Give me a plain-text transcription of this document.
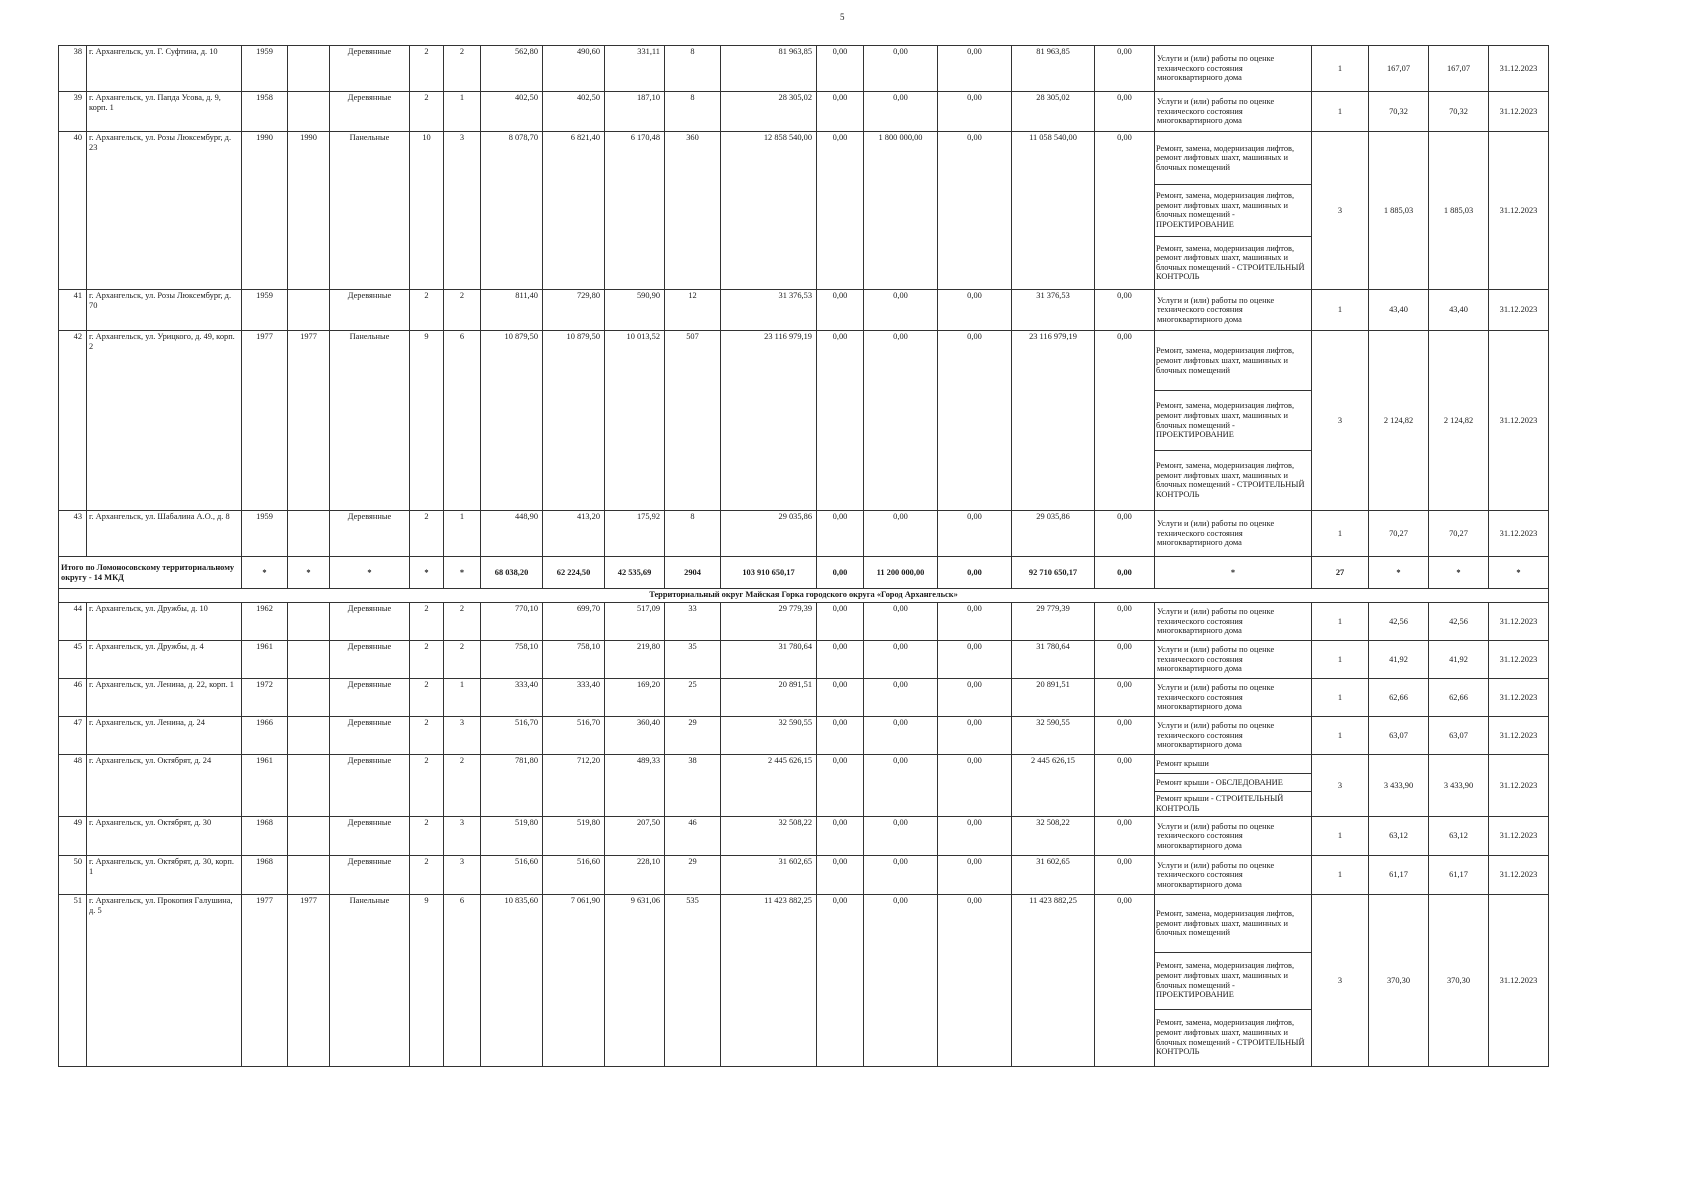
5
38	г. Архангельск, ул. Г. Суфтина, д. 10	1959		Деревянные	2	2	562,80	490,60	331,11	8	81 963,85	0,00	0,00	0,00	81 963,85	0,00	Услуги и (или) работы по оценке технического состояния многоквартирного дома	1	167,07	167,07	31.12.2023
39	г. Архангельск, ул. Папда Усова, д. 9, корп. 1	1958		Деревянные	2	1	402,50	402,50	187,10	8	28 305,02	0,00	0,00	0,00	28 305,02	0,00	Услуги и (или) работы по оценке технического состояния многоквартирного дома	1	70,32	70,32	31.12.2023
40	г. Архангельск, ул. Розы Люксембург, д. 23	1990	1990	Панельные	10	3	8 078,70	6 821,40	6 170,48	360	12 858 540,00	0,00	1 800 000,00	0,00	11 058 540,00	0,00	Ремонт, замена, модернизация лифтов, ремонт лифтовых шахт, машинных и блочных помещений
Ремонт, замена, модернизация лифтов, ремонт лифтовых шахт, машинных и блочных помещений - ПРОЕКТИРОВАНИЕ
Ремонт, замена, модернизация лифтов, ремонт лифтовых шахт, машинных и блочных помещений - СТРОИТЕЛЬНЫЙ КОНТРОЛЬ	3	1 885,03	1 885,03	31.12.2023
41	г. Архангельск, ул. Розы Люксембург, д. 70	1959		Деревянные	2	2	811,40	729,80	590,90	12	31 376,53	0,00	0,00	0,00	31 376,53	0,00	Услуги и (или) работы по оценке технического состояния многоквартирного дома	1	43,40	43,40	31.12.2023
42	г. Архангельск, ул. Урицкого, д. 49, корп. 2	1977	1977	Панельные	9	6	10 879,50	10 879,50	10 013,52	507	23 116 979,19	0,00	0,00	0,00	23 116 979,19	0,00	Ремонт, замена, модернизация лифтов, ремонт лифтовых шахт, машинных и блочных помещений
Ремонт, замена, модернизация лифтов, ремонт лифтовых шахт, машинных и блочных помещений - ПРОЕКТИРОВАНИЕ
Ремонт, замена, модернизация лифтов, ремонт лифтовых шахт, машинных и блочных помещений - СТРОИТЕЛЬНЫЙ КОНТРОЛЬ	3	2 124,82	2 124,82	31.12.2023
43	г. Архангельск, ул. Шабалина А.О., д. 8	1959		Деревянные	2	1	448,90	413,20	175,92	8	29 035,86	0,00	0,00	0,00	29 035,86	0,00	Услуги и (или) работы по оценке технического состояния многоквартирного дома	1	70,27	70,27	31.12.2023
Итого по Ломоносовскому территориальному округу - 14 МКД		*	*	*	*	*	68 038,20	62 224,50	42 535,69	2904	103 910 650,17	0,00	11 200 000,00	0,00	92 710 650,17	0,00	*	27	*	*	*
Территориальный округ Майская Горка городского округа «Город Архангельск»																					
44	г. Архангельск, ул. Дружбы, д. 10	1962		Деревянные	2	2	770,10	699,70	517,09	33	29 779,39	0,00	0,00	0,00	29 779,39	0,00	Услуги и (или) работы по оценке технического состояния многоквартирного дома	1	42,56	42,56	31.12.2023
45	г. Архангельск, ул. Дружбы, д. 4	1961		Деревянные	2	2	758,10	758,10	219,80	35	31 780,64	0,00	0,00	0,00	31 780,64	0,00	Услуги и (или) работы по оценке технического состояния многоквартирного дома	1	41,92	41,92	31.12.2023
46	г. Архангельск, ул. Ленина, д. 22, корп. 1	1972		Деревянные	2	1	333,40	333,40	169,20	25	20 891,51	0,00	0,00	0,00	20 891,51	0,00	Услуги и (или) работы по оценке технического состояния многоквартирного дома	1	62,66	62,66	31.12.2023
47	г. Архангельск, ул. Ленина, д. 24	1966		Деревянные	2	3	516,70	516,70	360,40	29	32 590,55	0,00	0,00	0,00	32 590,55	0,00	Услуги и (или) работы по оценке технического состояния многоквартирного дома	1	63,07	63,07	31.12.2023
48	г. Архангельск, ул. Октябрят, д. 24	1961		Деревянные	2	2	781,80	712,20	489,33	38	2 445 626,15	0,00	0,00	0,00	2 445 626,15	0,00	Ремонт крыши
Ремонт крыши - ОБСЛЕДОВАНИЕ
Ремонт крыши - СТРОИТЕЛЬНЫЙ КОНТРОЛЬ	3	3 433,90	3 433,90	31.12.2023
49	г. Архангельск, ул. Октябрят, д. 30	1968		Деревянные	2	3	519,80	519,80	207,50	46	32 508,22	0,00	0,00	0,00	32 508,22	0,00	Услуги и (или) работы по оценке технического состояния многоквартирного дома	1	63,12	63,12	31.12.2023
50	г. Архангельск, ул. Октябрят, д. 30, корп. 1	1968		Деревянные	2	3	516,60	516,60	228,10	29	31 602,65	0,00	0,00	0,00	31 602,65	0,00	Услуги и (или) работы по оценке технического состояния многоквартирного дома	1	61,17	61,17	31.12.2023
51	г. Архангельск, ул. Прокопия Галушина, д. 5	1977	1977	Панельные	9	6	10 835,60	7 061,90	9 631,06	535	11 423 882,25	0,00	0,00	0,00	11 423 882,25	0,00	Ремонт, замена, модернизация лифтов, ремонт лифтовых шахт, машинных и блочных помещений
Ремонт, замена, модернизация лифтов, ремонт лифтовых шахт, машинных и блочных помещений - ПРОЕКТИРОВАНИЕ
Ремонт, замена, модернизация лифтов, ремонт лифтовых шахт, машинных и блочных помещений - СТРОИТЕЛЬНЫЙ КОНТРОЛЬ	3	370,30	370,30	31.12.2023
